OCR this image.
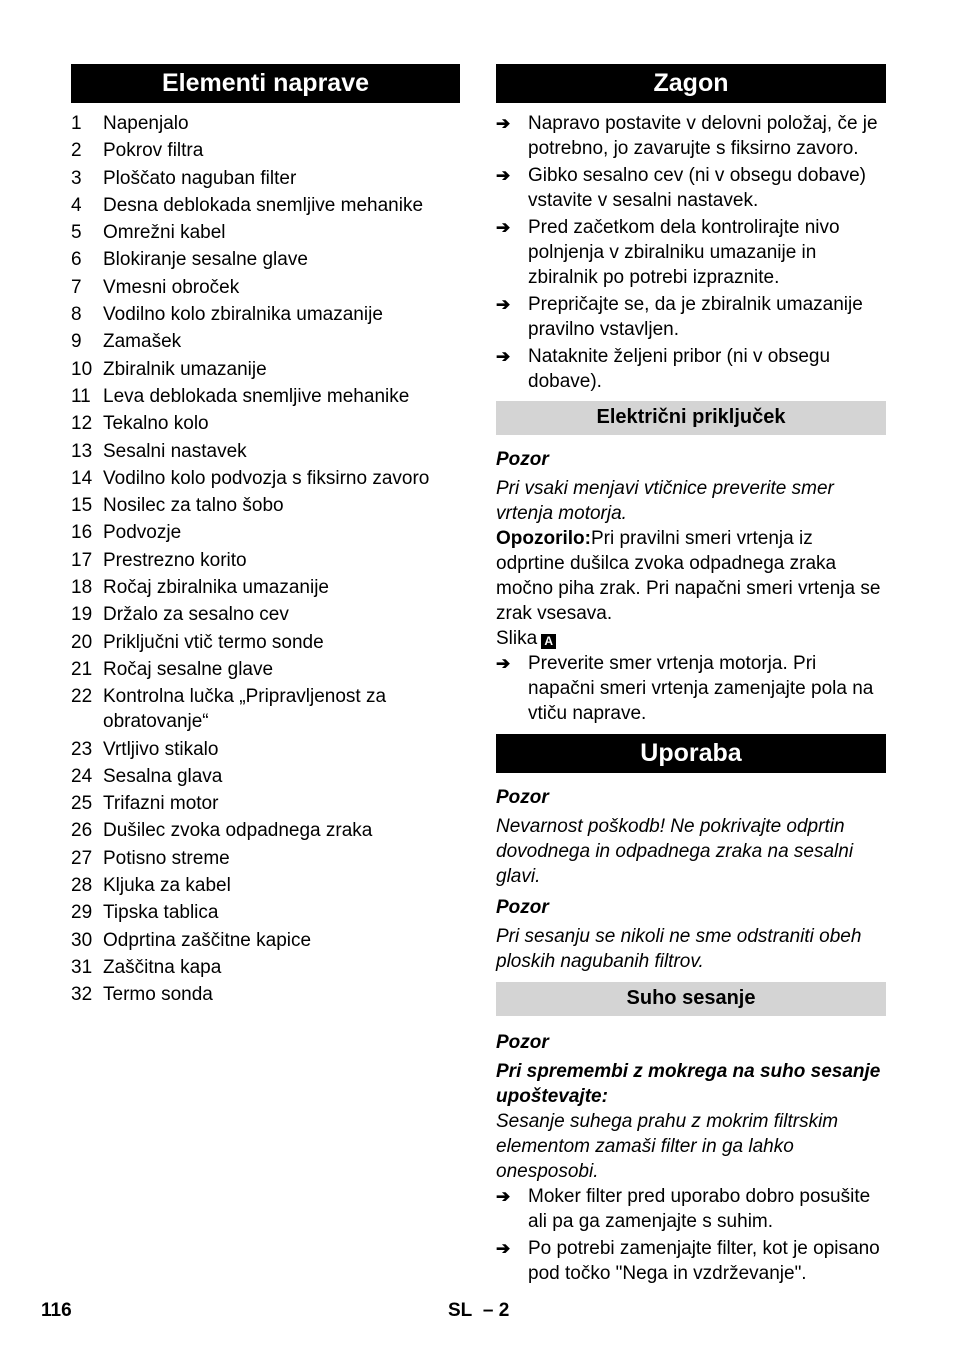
Elementi naprave
1	Napenjalo
2	Pokrov filtra
3	Ploščato naguban filter
4	Desna deblokada snemljive mehanike
5	Omrežni kabel
6	Blokiranje sesalne glave
7	Vmesni obroček
8	Vodilno kolo zbiralnika umazanije
9	Zamašek
10 Zbiralnik umazanije
11 Leva deblokada snemljive mehanike
12 Tekalno kolo
13 Sesalni nastavek
14 Vodilno kolo podvozja s fiksirno zavoro
15 Nosilec za talno šobo
16 Podvozje
17 Prestrezno korito
18 Ročaj zbiralnika umazanije
19 Držalo za sesalno cev
20 Priključni vtič termo sonde
21 Ročaj sesalne glave
22 Kontrolna lučka „Pripravljenost za obratovanje“
23 Vrtljivo stikalo
24 Sesalna glava
25 Trifazni motor
26 Dušilec zvoka odpadnega zraka
27 Potisno streme
28 Kljuka za kabel
29 Tipska tablica
30 Odprtina zaščitne kapice
31 Zaščitna kapa
32 Termo sonda
Zagon
➔ Napravo postavite v delovni položaj, če je potrebno, jo zavarujte s fiksirno zavoro.
➔ Gibko sesalno cev (ni v obsegu dobave) vstavite v sesalni nastavek.
➔ Pred začetkom dela kontrolirajte nivo polnjenja v zbiralniku umazanije in zbiralnik po potrebi izpraznite.
➔ Prepričajte se, da je zbiralnik umazanije pravilno vstavljen.
➔ Nataknite željeni pribor (ni v obsegu dobave).
Električni priključek

Pozor

Pri vsaki menjavi vtičnice preverite smer vrtenja motorja.

Opozorilo:Pri pravilni smeri vrtenja iz odprtine dušilca zvoka odpadnega zraka močno piha zrak. Pri napačni smeri vrtenja se zrak vsesava.

Slika A

➔ Preverite smer vrtenja motorja. Pri napačni smeri vrtenja zamenjajte pola na vtiču naprave.
Uporaba

Pozor

Nevarnost poškodb! Ne pokrivajte odprtin dovodnega in odpadnega zraka na sesalni glavi.

Pozor

Pri sesanju se nikoli ne sme odstraniti obeh ploskih nagubanih filtrov.

Suho sesanje

Pozor

Pri spremembi z mokrega na suho sesanje upoštevajte:

Sesanje suhega prahu z mokrim filtrskim elementom zamaši filter in ga lahko onesposobi.

➔ Moker filter pred uporabo dobro posušite ali pa ga zamenjajte s suhim.
➔ Po potrebi zamenjajte filter, kot je opisano pod točko "Nega in vzdrževanje".
116	SL – 2
